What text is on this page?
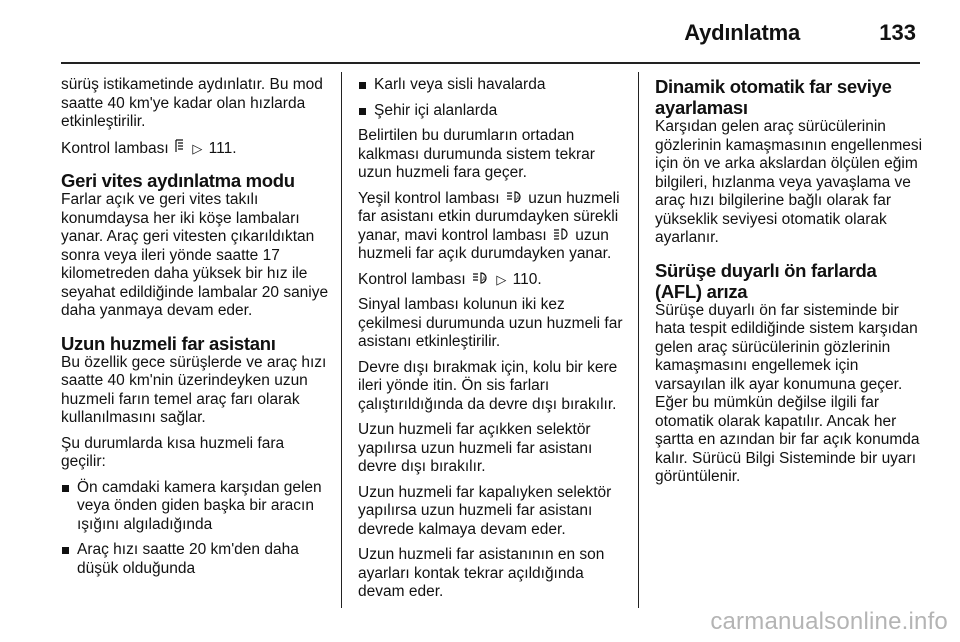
Aydınlatma	133

sürüş istikametinde aydınlatır. Bu mod saatte 40 km'ye kadar olan hızlarda etkinleştirilir.

Kontrol lambası ▷ 111.

Geri vites aydınlatma modu

Farlar açık ve geri vites takılı konumdaysa her iki köşe lambaları yanar. Araç geri vitesten çıkarıldıktan sonra veya ileri yönde saatte 17 kilometreden daha yüksek bir hız ile seyahat edildiğinde lambalar 20 saniye daha yanmaya devam eder.

Uzun huzmeli far asistanı

Bu özellik gece sürüşlerde ve araç hızı saatte 40 km'nin üzerindeyken uzun huzmeli farın temel araç farı olarak kullanılmasını sağlar.

Şu durumlarda kısa huzmeli fara geçilir:

Ön camdaki kamera karşıdan gelen veya önden giden başka bir aracın ışığını algıladığında
Araç hızı saatte 20 km'den daha düşük olduğunda
Karlı veya sisli havalarda
Şehir içi alanlarda

Belirtilen bu durumların ortadan kalkması durumunda sistem tekrar uzun huzmeli fara geçer.

Yeşil kontrol lambası	A uzun huzmeli far asistanı etkin durumdayken sürekli yanar, mavi kontrol lambası uzun huzmeli far açık durumdayken yanar.

Kontrol lambası	A ▷ 110.

Sinyal lambası kolunun iki kez çekilmesi durumunda uzun huzmeli far asistanı etkinleştirilir.

Devre dışı bırakmak için, kolu bir kere ileri yönde itin. Ön sis farları çalıştırıldığında da devre dışı bırakılır.

Uzun huzmeli far açıkken selektör yapılırsa uzun huzmeli far asistanı devre dışı bırakılır.

Uzun huzmeli far kapalıyken selektör yapılırsa uzun huzmeli far asistanı devrede kalmaya devam eder.

Uzun huzmeli far asistanının en son ayarları kontak tekrar açıldığında devam eder.

Dinamik otomatik far seviye ayarlaması

Karşıdan gelen araç sürücülerinin gözlerinin kamaşmasının engellenmesi için ön ve arka akslardan ölçülen eğim bilgileri, hızlanma veya yavaşlama ve araç hızı bilgilerine bağlı olarak far yükseklik seviyesi otomatik olarak ayarlanır.

Sürüşe duyarlı ön farlarda (AFL) arıza

Sürüşe duyarlı ön far sisteminde bir hata tespit edildiğinde sistem karşıdan gelen araç sürücülerinin gözlerinin kamaşmasını engellemek için varsayılan ilk ayar konumuna geçer. Eğer bu mümkün değilse ilgili far otomatik olarak kapatılır. Ancak her şartta en azından bir far açık konumda kalır. Sürücü Bilgi Sisteminde bir uyarı görüntülenir.

carmanualsonline.info
